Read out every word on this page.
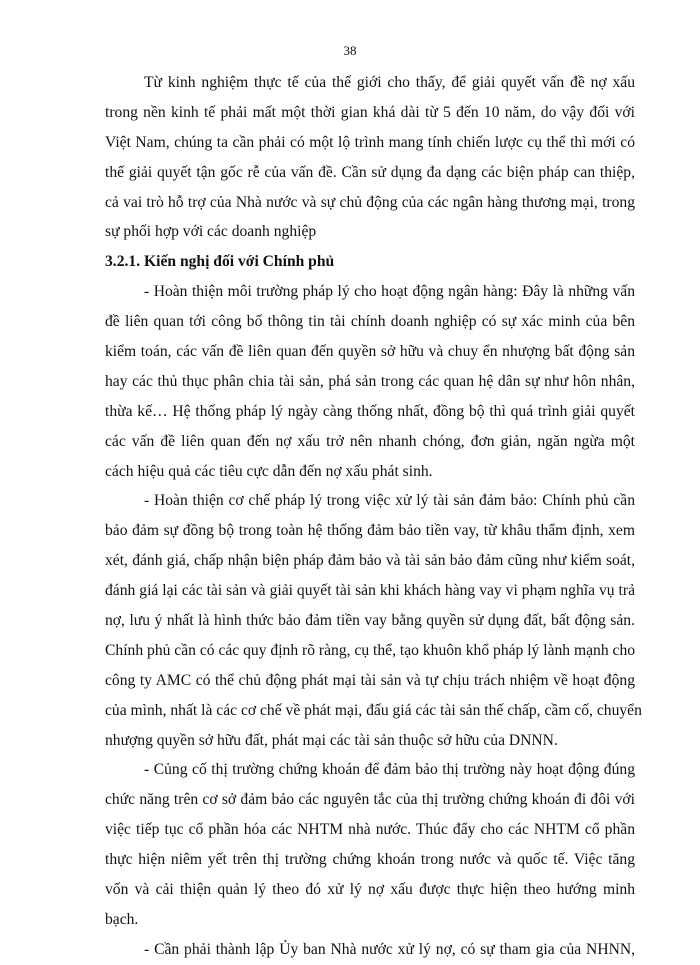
38
Từ kinh nghiệm thực tế của thế giới cho thấy, để giải quyết vấn đề nợ xấu
trong nền kinh tế phải mất một thời gian khá dài từ 5 đến 10 năm, do vậy đối với
Việt Nam, chúng ta cần phải có một lộ trình mang tính chiến lược cụ thể thì mới có
thể giải quyết tận gốc rễ của vấn đề. Cần sử dụng đa dạng các biện pháp can thiệp,
cả vai trò hỗ trợ của Nhà nước và sự chủ động của các ngân hàng thương mại, trong
sự phối hợp với các doanh nghiệp
3.2.1. Kiến nghị đối với Chính phủ
- Hoàn thiện môi trường pháp lý cho hoạt động ngân hàng: Đây là những vấn
đề liên quan tới công bố thông tin tài chính doanh nghiệp có sự xác minh của bên
kiểm toán, các vấn đề liên quan đến quyền sở hữu và chuy ển nhượng bất động sản
hay các thủ thục phân chia tài sản, phá sản trong các quan hệ dân sự như hôn nhân,
thừa kế… Hệ thống pháp lý ngày càng thống nhất, đồng bộ thì quá trình giải quyết
các vấn đề liên quan đến nợ xấu trở nên nhanh chóng, đơn giản, ngăn ngừa một
cách hiệu quả các tiêu cực dẫn đến nợ xấu phát sinh.
- Hoàn thiện cơ chế pháp lý trong việc xử lý tài sản đảm bảo: Chính phủ cần
bảo đảm sự đồng bộ trong toàn hệ thống đảm bảo tiền vay, từ khâu thẩm định, xem
xét, đánh giá, chấp nhận biện pháp đảm bảo và tài sản bảo đảm cũng như kiểm soát,
đánh giá lại các tài sản và giải quyết tài sản khi khách hàng vay vi phạm nghĩa vụ trả
nợ, lưu ý nhất là hình thức bảo đảm tiền vay bằng quyền sử dụng đất, bất động sản.
Chính phủ cần có các quy định rõ ràng, cụ thể, tạo khuôn khổ pháp lý lành mạnh cho
công ty AMC có thể chủ động phát mại tài sản và tự chịu trách nhiệm về hoạt động
của mình, nhất là các cơ chế về phát mại, đấu giá các tài sản thế chấp, cầm cố, chuyển
nhượng quyền sở hữu đất, phát mại các tài sản thuộc sở hữu của DNNN.
- Củng cố thị trường chứng khoán để đảm bảo thị trường này hoạt động đúng
chức năng trên cơ sở đảm bảo các nguyên tắc của thị trường chứng khoán đi đôi với
việc tiếp tục cổ phần hóa các NHTM nhà nước. Thúc đẩy cho các NHTM cổ phần
thực hiện niêm yết trên thị trường chứng khoán trong nước và quốc tế. Việc tăng
vốn và cải thiện quản lý theo đó xử lý nợ xấu được thực hiện theo hướng minh
bạch.
- Cần phải thành lập Ủy ban Nhà nước xử lý nợ, có sự tham gia của NHNN,
